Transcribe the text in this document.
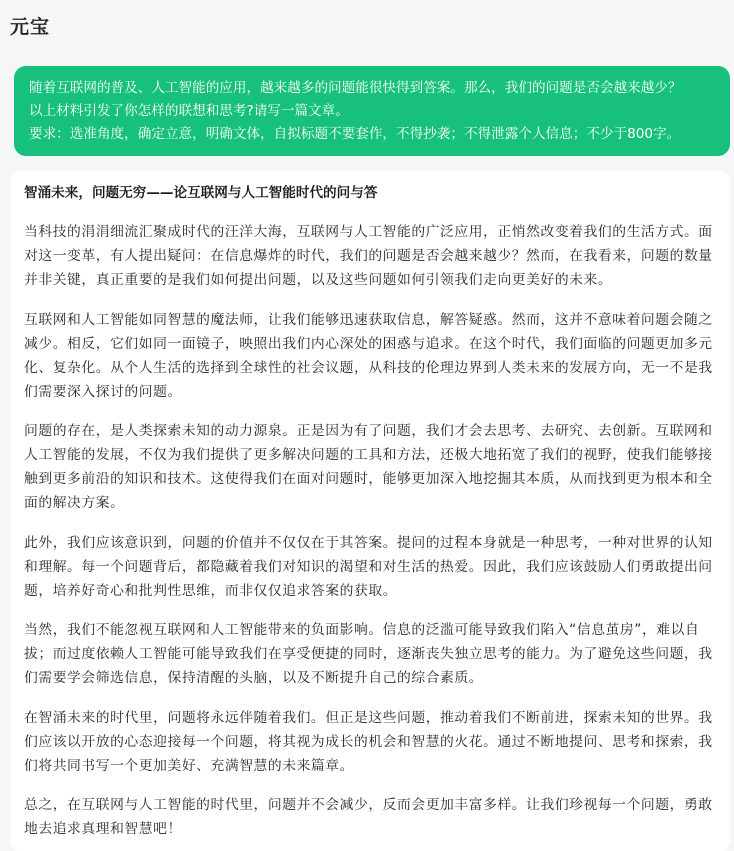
元宝

随着互联网的普及、人工智能的应用，越来越多的问题能很快得到答案。那么，我们的问题是否会越来越少？

以上材料引发了你怎样的联想和思考?请写一篇文章。

要求：选准角度，确定立意，明确文体，自拟标题不要套作，不得抄袭；不得泄露个人信息；不少于800字。

智涌未来，问题无穷——论互联网与人工智能时代的问与答

当科技的涓涓细流汇聚成时代的汪洋大海，互联网与人工智能的广泛应用，正悄然改变着我们的生活方式。面对这一变革，有人提出疑问：在信息爆炸的时代，我们的问题是否会越来越少？然而，在我看来，问题的数量并非关键，真正重要的是我们如何提出问题，以及这些问题如何引领我们走向更美好的未来。

互联网和人工智能如同智慧的魔法师，让我们能够迅速获取信息，解答疑惑。然而，这并不意味着问题会随之减少。相反，它们如同一面镜子，映照出我们内心深处的困惑与追求。在这个时代，我们面临的问题更加多元化、复杂化。从个人生活的选择到全球性的社会议题，从科技的伦理边界到人类未来的发展方向，无一不是我们需要深入探讨的问题。

问题的存在，是人类探索未知的动力源泉。正是因为有了问题，我们才会去思考、去研究、去创新。互联网和人工智能的发展，不仅为我们提供了更多解决问题的工具和方法，还极大地拓宽了我们的视野，使我们能够接触到更多前沿的知识和技术。这使得我们在面对问题时，能够更加深入地挖掘其本质，从而找到更为根本和全面的解决方案。

此外，我们应该意识到，问题的价值并不仅仅在于其答案。提问的过程本身就是一种思考，一种对世界的认知和理解。每一个问题背后，都隐藏着我们对知识的渴望和对生活的热爱。因此，我们应该鼓励人们勇敢提出问题，培养好奇心和批判性思维，而非仅仅追求答案的获取。

当然，我们不能忽视互联网和人工智能带来的负面影响。信息的泛滥可能导致我们陷入“信息茧房”，难以自拔；而过度依赖人工智能可能导致我们在享受便捷的同时，逐渐丧失独立思考的能力。为了避免这些问题，我们需要学会筛选信息，保持清醒的头脑，以及不断提升自己的综合素质。

在智涌未来的时代里，问题将永远伴随着我们。但正是这些问题，推动着我们不断前进，探索未知的世界。我们应该以开放的心态迎接每一个问题，将其视为成长的机会和智慧的火花。通过不断地提问、思考和探索，我们将共同书写一个更加美好、充满智慧的未来篇章。

总之，在互联网与人工智能的时代里，问题并不会减少，反而会更加丰富多样。让我们珍视每一个问题，勇敢地去追求真理和智慧吧！
